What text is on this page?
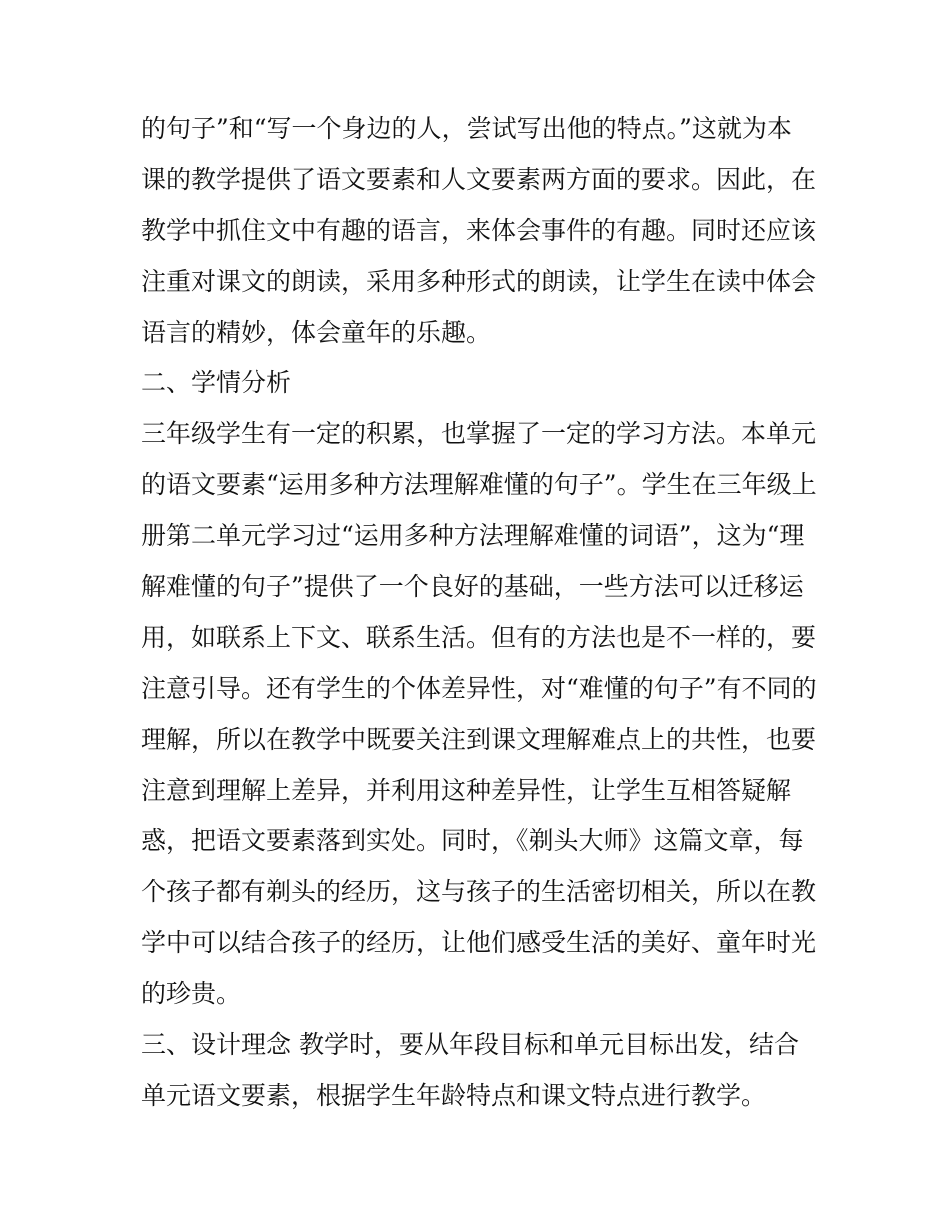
的句子”和“写一个身边的人，尝试写出他的特点。”这就为本
课的教学提供了语文要素和人文要素两方面的要求。因此，在
教学中抓住文中有趣的语言，来体会事件的有趣。同时还应该
注重对课文的朗读，采用多种形式的朗读，让学生在读中体会
语言的精妙，体会童年的乐趣。
二、学情分析
三年级学生有一定的积累，也掌握了一定的学习方法。本单元
的语文要素“运用多种方法理解难懂的句子”。学生在三年级上
册第二单元学习过“运用多种方法理解难懂的词语”，这为“理
解难懂的句子”提供了一个良好的基础，一些方法可以迁移运
用，如联系上下文、联系生活。但有的方法也是不一样的，要
注意引导。还有学生的个体差异性，对“难懂的句子”有不同的
理解，所以在教学中既要关注到课文理解难点上的共性，也要
注意到理解上差异，并利用这种差异性，让学生互相答疑解
惑，把语文要素落到实处。同时，《剃头大师》这篇文章，每
个孩子都有剃头的经历，这与孩子的生活密切相关，所以在教
学中可以结合孩子的经历，让他们感受生活的美好、童年时光
的珍贵。
三、设计理念 教学时，要从年段目标和单元目标出发，结合
单元语文要素，根据学生年龄特点和课文特点进行教学。
